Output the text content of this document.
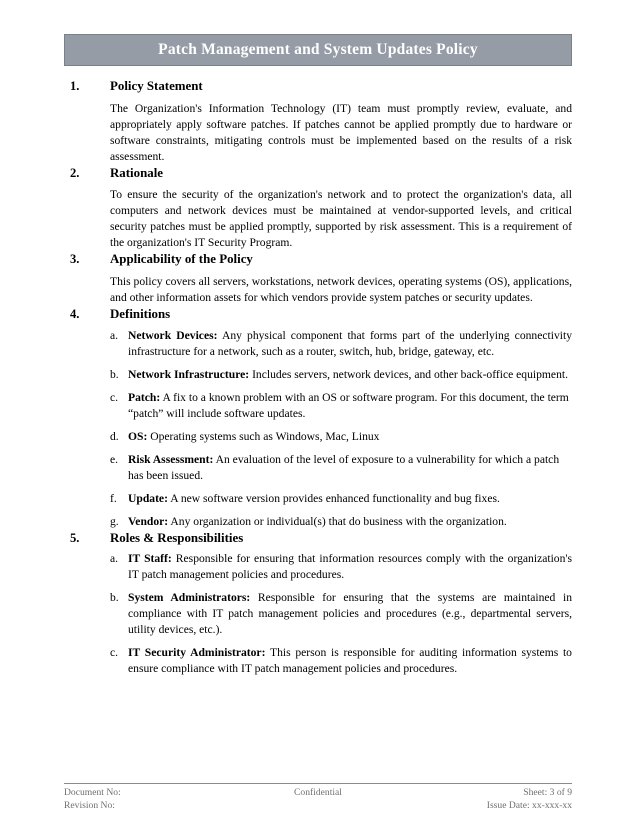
Patch Management and System Updates Policy
1.	Policy Statement
The Organization's Information Technology (IT) team must promptly review, evaluate, and appropriately apply software patches. If patches cannot be applied promptly due to hardware or software constraints, mitigating controls must be implemented based on the results of a risk assessment.
2.	Rationale
To ensure the security of the organization's network and to protect the organization's data, all computers and network devices must be maintained at vendor-supported levels, and critical security patches must be applied promptly, supported by risk assessment. This is a requirement of the organization's IT Security Program.
3.	Applicability of the Policy
This policy covers all servers, workstations, network devices, operating systems (OS), applications, and other information assets for which vendors provide system patches or security updates.
4.	Definitions
a. Network Devices: Any physical component that forms part of the underlying connectivity infrastructure for a network, such as a router, switch, hub, bridge, gateway, etc.
b. Network Infrastructure: Includes servers, network devices, and other back-office equipment.
c. Patch: A fix to a known problem with an OS or software program. For this document, the term “patch” will include software updates.
d. OS: Operating systems such as Windows, Mac, Linux
e. Risk Assessment: An evaluation of the level of exposure to a vulnerability for which a patch has been issued.
f. Update: A new software version provides enhanced functionality and bug fixes.
g. Vendor: Any organization or individual(s) that do business with the organization.
5.	Roles & Responsibilities
a. IT Staff: Responsible for ensuring that information resources comply with the organization's IT patch management policies and procedures.
b. System Administrators: Responsible for ensuring that the systems are maintained in compliance with IT patch management policies and procedures (e.g., departmental servers, utility devices, etc.).
c. IT Security Administrator: This person is responsible for auditing information systems to ensure compliance with IT patch management policies and procedures.
Document No:	Confidential	Sheet: 3 of 9
Revision No:	Issue Date: xx-xxx-xx
